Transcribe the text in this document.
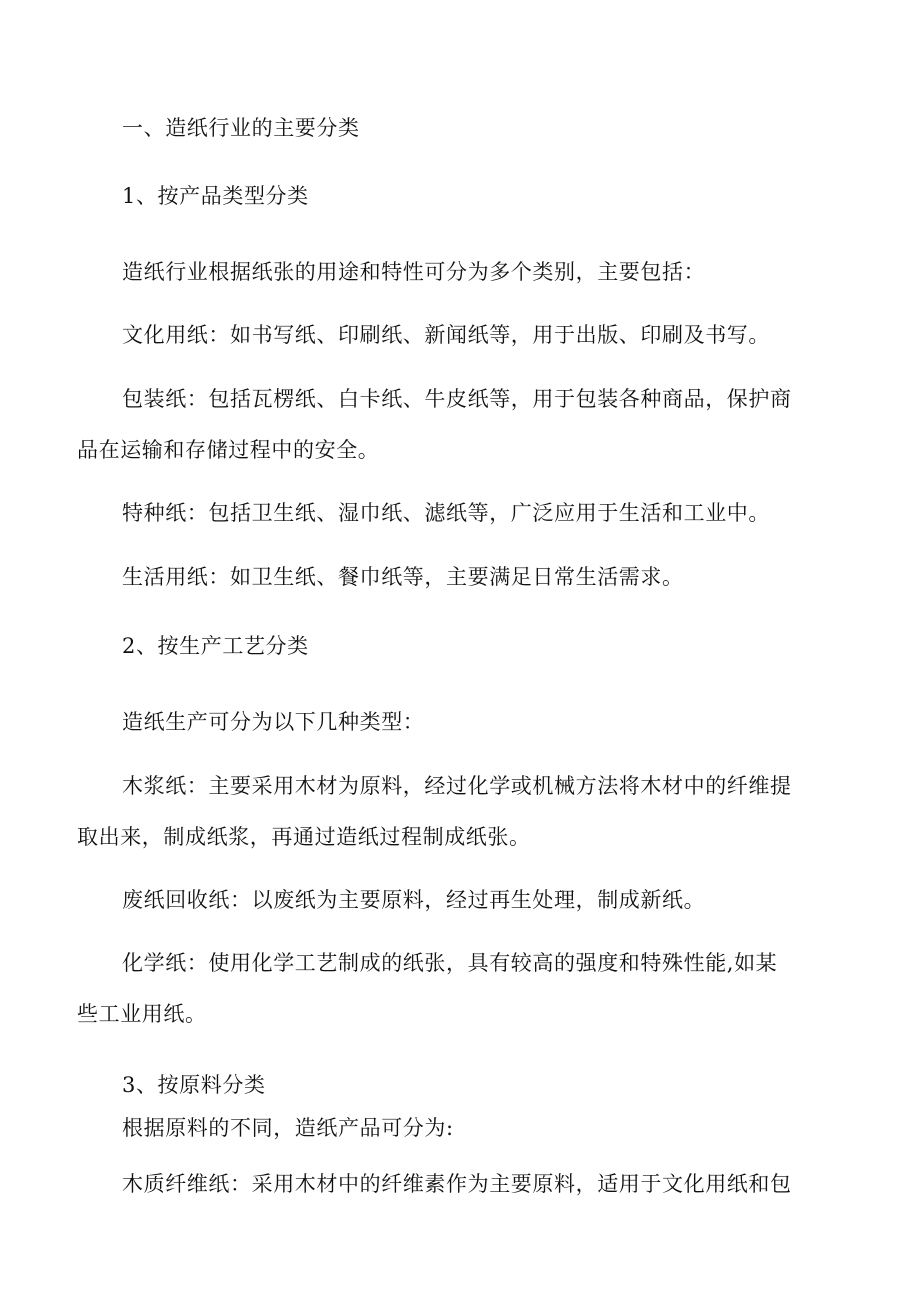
一、造纸行业的主要分类
1、按产品类型分类
造纸行业根据纸张的用途和特性可分为多个类别，主要包括：
文化用纸：如书写纸、印刷纸、新闻纸等，用于出版、印刷及书写。
包装纸：包括瓦楞纸、白卡纸、牛皮纸等，用于包装各种商品，保护商
品在运输和存储过程中的安全。
特种纸：包括卫生纸、湿巾纸、滤纸等，广泛应用于生活和工业中。
生活用纸：如卫生纸、餐巾纸等，主要满足日常生活需求。
2、按生产工艺分类
造纸生产可分为以下几种类型：
木浆纸：主要采用木材为原料，经过化学或机械方法将木材中的纤维提
取出来，制成纸浆，再通过造纸过程制成纸张。
废纸回收纸：以废纸为主要原料，经过再生处理，制成新纸。
化学纸：使用化学工艺制成的纸张，具有较高的强度和特殊性能,如某
些工业用纸。
3、按原料分类
根据原料的不同，造纸产品可分为:
木质纤维纸：采用木材中的纤维素作为主要原料，适用于文化用纸和包
